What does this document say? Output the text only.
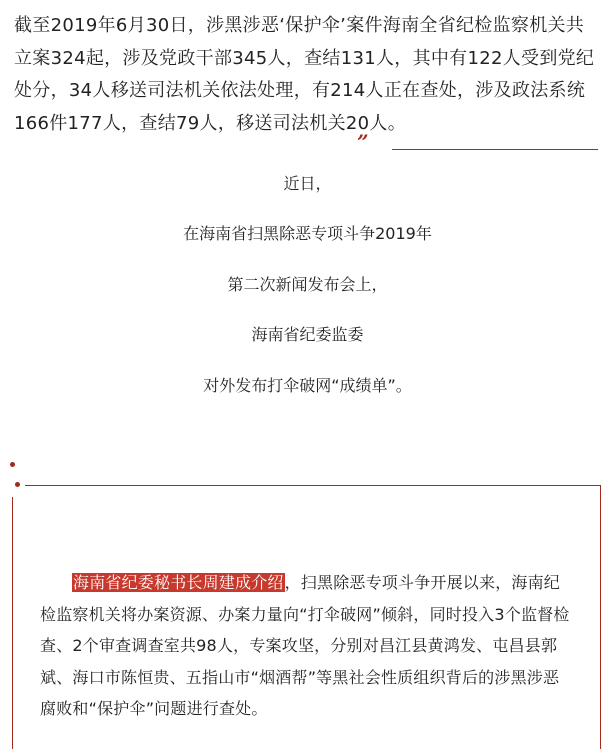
截至2019年6月30日，涉黑涉恶‘保护伞’案件海南全省纪检监察机关共立案324起，涉及党政干部345人，查结131人，其中有122人受到党纪处分，34人移送司法机关依法处理，有214人正在查处，涉及政法系统166件177人，查结79人，移送司法机关20人。

”

近日，

在海南省扫黑除恶专项斗争2019年

第二次新闻发布会上，

海南省纪委监委

对外发布打伞破网“成绩单”。

海南省纪委秘书长周建成介绍，扫黑除恶专项斗争开展以来，海南纪检监察机关将办案资源、办案力量向“打伞破网”倾斜，同时投入3个监督检查、2个审查调查室共98人，专案攻坚，分别对昌江县黄鸿发、屯昌县郭斌、海口市陈恒贵、五指山市“烟酒帮”等黑社会性质组织背后的涉黑涉恶腐败和“保护伞”问题进行查处。
